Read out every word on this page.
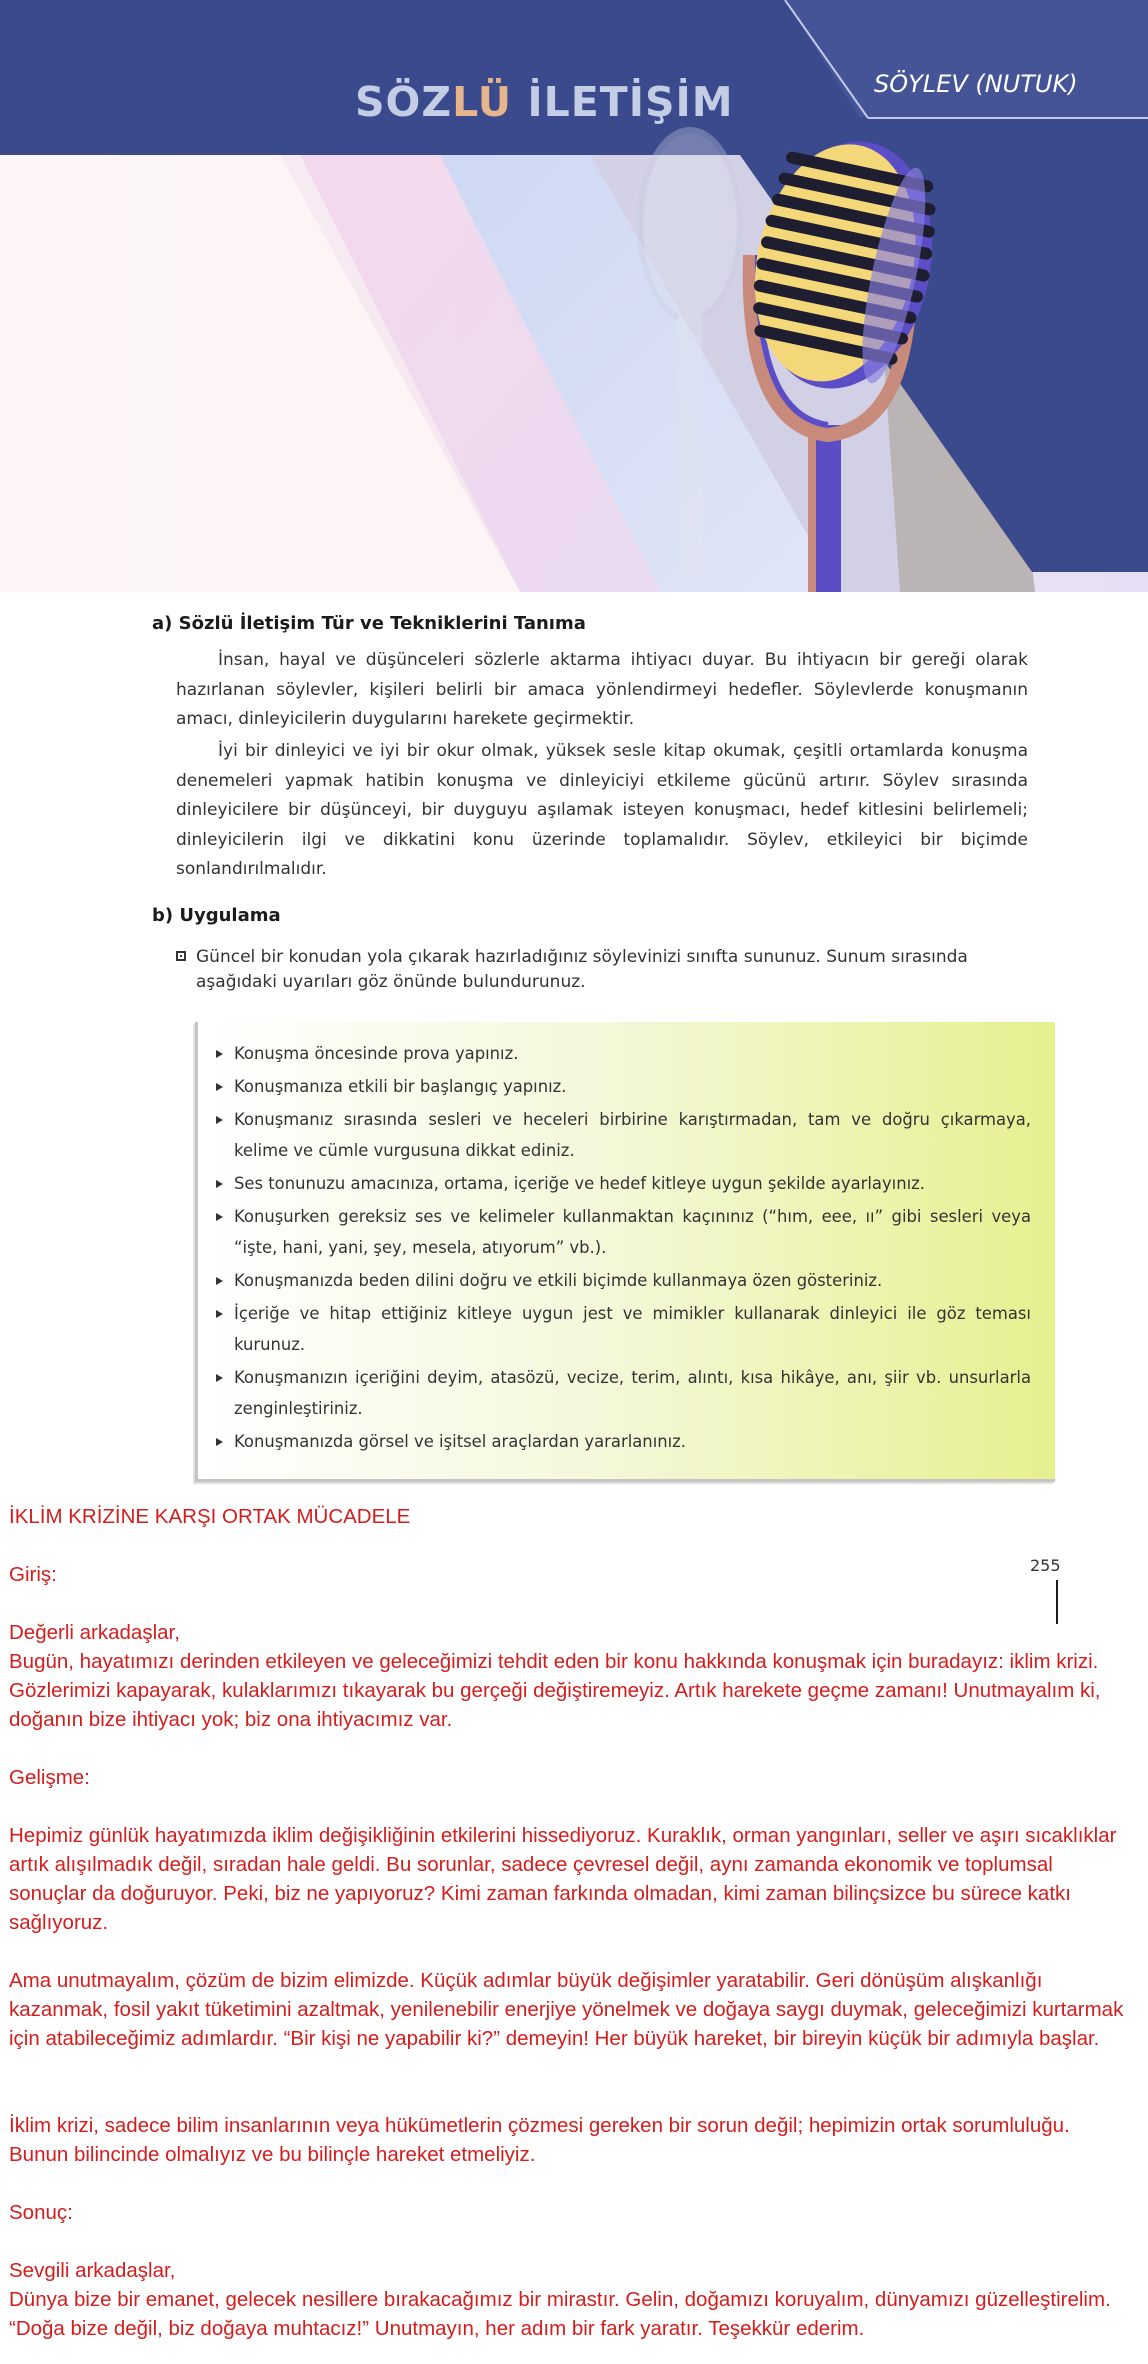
SÖZLÜ İLETİŞİM	SÖYLEV (NUTUK)
a) Sözlü İletişim Tür ve Tekniklerini Tanıma

İnsan, hayal ve düşünceleri sözlerle aktarma ihtiyacı duyar. Bu ihtiyacın bir gereği olarak hazırlanan söylevler, kişileri belirli bir amaca yönlendirmeyi hedefler. Söylevlerde konuşmanın amacı, dinleyicilerin duygularını harekete geçirmektir.

İyi bir dinleyici ve iyi bir okur olmak, yüksek sesle kitap okumak, çeşitli ortamlarda konuşma denemeleri yapmak hatibin konuşma ve dinleyiciyi etkileme gücünü artırır. Söylev sırasında dinleyicilere bir düşünceyi, bir duyguyu aşılamak isteyen konuşmacı, hedef kitlesini belirlemeli; dinleyicilerin ilgi ve dikkatini konu üzerinde toplamalıdır. Söylev, etkileyici bir biçimde sonlandırılmalıdır.

b) Uygulama

Güncel bir konudan yola çıkarak hazırladığınız söylevinizi sınıfta sununuz. Sunum sırasında aşağıdaki uyarıları göz önünde bulundurunuz.

Konuşma öncesinde prova yapınız.

Konuşmanıza etkili bir başlangıç yapınız.

Konuşmanız sırasında sesleri ve heceleri birbirine karıştırmadan, tam ve doğru çıkarmaya, kelime ve cümle vurgusuna dikkat ediniz.

Ses tonunuzu amacınıza, ortama, içeriğe ve hedef kitleye uygun şekilde ayarlayınız.

Konuşurken gereksiz ses ve kelimeler kullanmaktan kaçınınız (“hım, eee, ıı” gibi sesleri veya “işte, hani, yani, şey, mesela, atıyorum” vb.).

Konuşmanızda beden dilini doğru ve etkili biçimde kullanmaya özen gösteriniz.

İçeriğe ve hitap ettiğiniz kitleye uygun jest ve mimikler kullanarak dinleyici ile göz teması kurunuz.

Konuşmanızın içeriğini deyim, atasözü, vecize, terim, alıntı, kısa hikâye, anı, şiir vb. unsurlarla zenginleştiriniz.

Konuşmanızda görsel ve işitsel araçlardan yararlanınız.

255

İKLİM KRİZİNE KARŞI ORTAK MÜCADELE

Giriş:

Değerli arkadaşlar,
Bugün, hayatımızı derinden etkileyen ve geleceğimizi tehdit eden bir konu hakkında konuşmak için buradayız: iklim krizi. Gözlerimizi kapayarak, kulaklarımızı tıkayarak bu gerçeği değiştiremeyiz. Artık harekete geçme zamanı! Unutmayalım ki, doğanın bize ihtiyacı yok; biz ona ihtiyacımız var.

Gelişme:

Hepimiz günlük hayatımızda iklim değişikliğinin etkilerini hissediyoruz. Kuraklık, orman yangınları, seller ve aşırı sıcaklıklar artık alışılmadık değil, sıradan hale geldi. Bu sorunlar, sadece çevresel değil, aynı zamanda ekonomik ve toplumsal sonuçlar da doğuruyor. Peki, biz ne yapıyoruz? Kimi zaman farkında olmadan, kimi zaman bilinçsizce bu sürece katkı sağlıyoruz.

Ama unutmayalım, çözüm de bizim elimizde. Küçük adımlar büyük değişimler yaratabilir. Geri dönüşüm alışkanlığı kazanmak, fosil yakıt tüketimini azaltmak, yenilenebilir enerjiye yönelmek ve doğaya saygı duymak, geleceğimizi kurtarmak için atabileceğimiz adımlardır. “Bir kişi ne yapabilir ki?” demeyin! Her büyük hareket, bir bireyin küçük bir adımıyla başlar.

İklim krizi, sadece bilim insanlarının veya hükümetlerin çözmesi gereken bir sorun değil; hepimizin ortak sorumluluğu. Bunun bilincinde olmalıyız ve bu bilinçle hareket etmeliyiz.

Sonuç:

Sevgili arkadaşlar,
Dünya bize bir emanet, gelecek nesillere bırakacağımız bir mirastır. Gelin, doğamızı koruyalım, dünyamızı güzelleştirelim. “Doğa bize değil, biz doğaya muhtacız!” Unutmayın, her adım bir fark yaratır. Teşekkür ederim.
